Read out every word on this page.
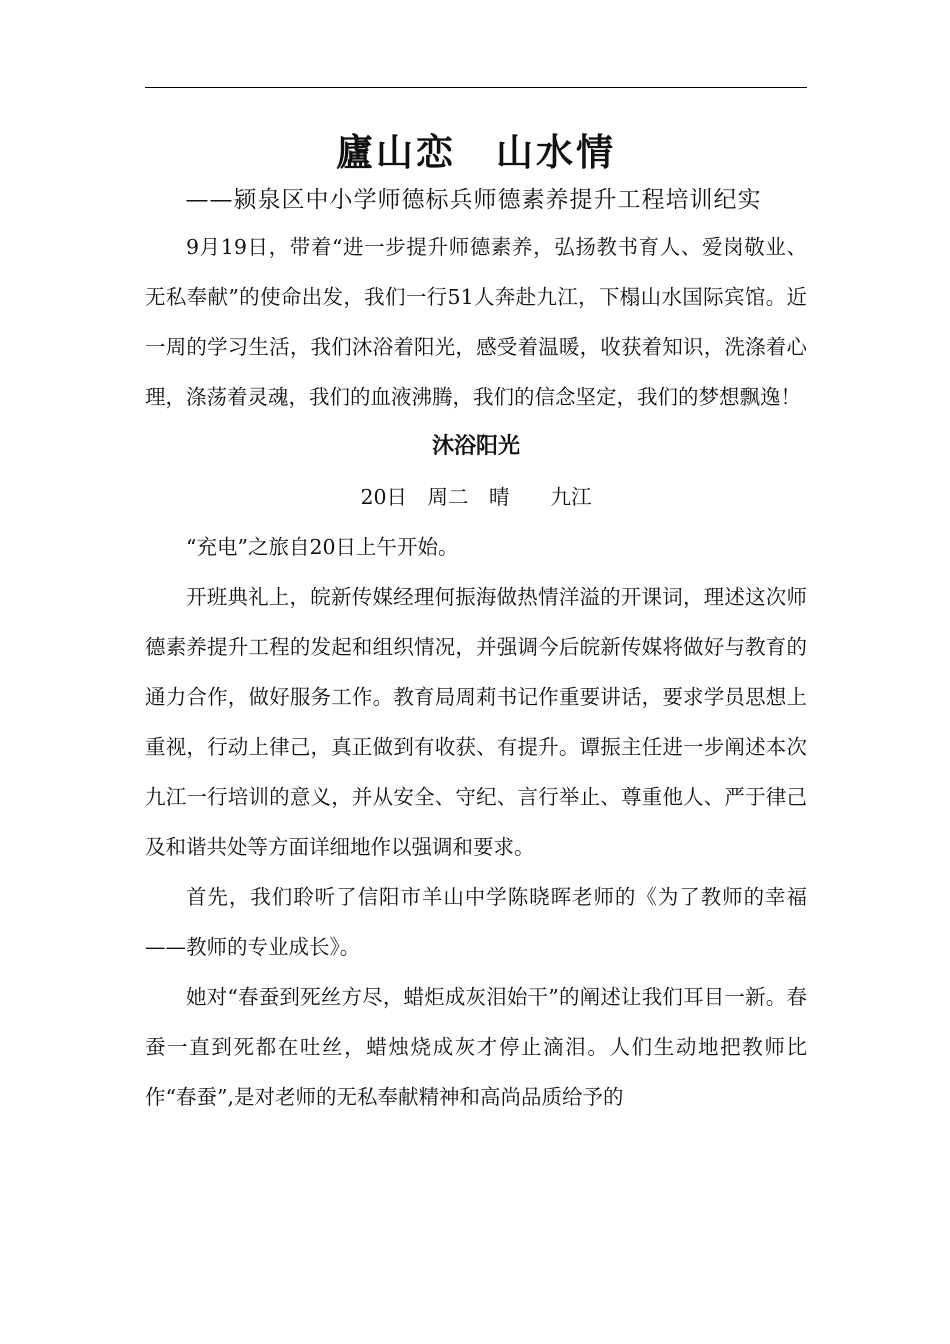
廬山恋　山水情
——颍泉区中小学师德标兵师德素养提升工程培训纪实

9月19日，带着“进一步提升师德素养，弘扬教书育人、爱岗敬业、无私奉献”的使命出发，我们一行51人奔赴九江，下榻山水国际宾馆。近一周的学习生活，我们沐浴着阳光，感受着温暖，收获着知识，洗涤着心理，涤荡着灵魂，我们的血液沸腾，我们的信念坚定，我们的梦想飘逸！

沐浴阳光
20日　周二　晴　　九江

“充电”之旅自20日上午开始。

开班典礼上，皖新传媒经理何振海做热情洋溢的开课词，理述这次师德素养提升工程的发起和组织情况，并强调今后皖新传媒将做好与教育的通力合作，做好服务工作。教育局周莉书记作重要讲话，要求学员思想上重视，行动上律己，真正做到有收获、有提升。谭振主任进一步阐述本次九江一行培训的意义，并从安全、守纪、言行举止、尊重他人、严于律己及和谐共处等方面详细地作以强调和要求。

首先，我们聆听了信阳市羊山中学陈晓晖老师的《为了教师的幸福——教师的专业成长》。

她对“春蚕到死丝方尽，蜡炬成灰泪始干”的阐述让我们耳目一新。春蚕一直到死都在吐丝，蜡烛烧成灰才停止滴泪。人们生动地把教师比作“春蚕”,是对老师的无私奉献精神和高尚品质给予的
